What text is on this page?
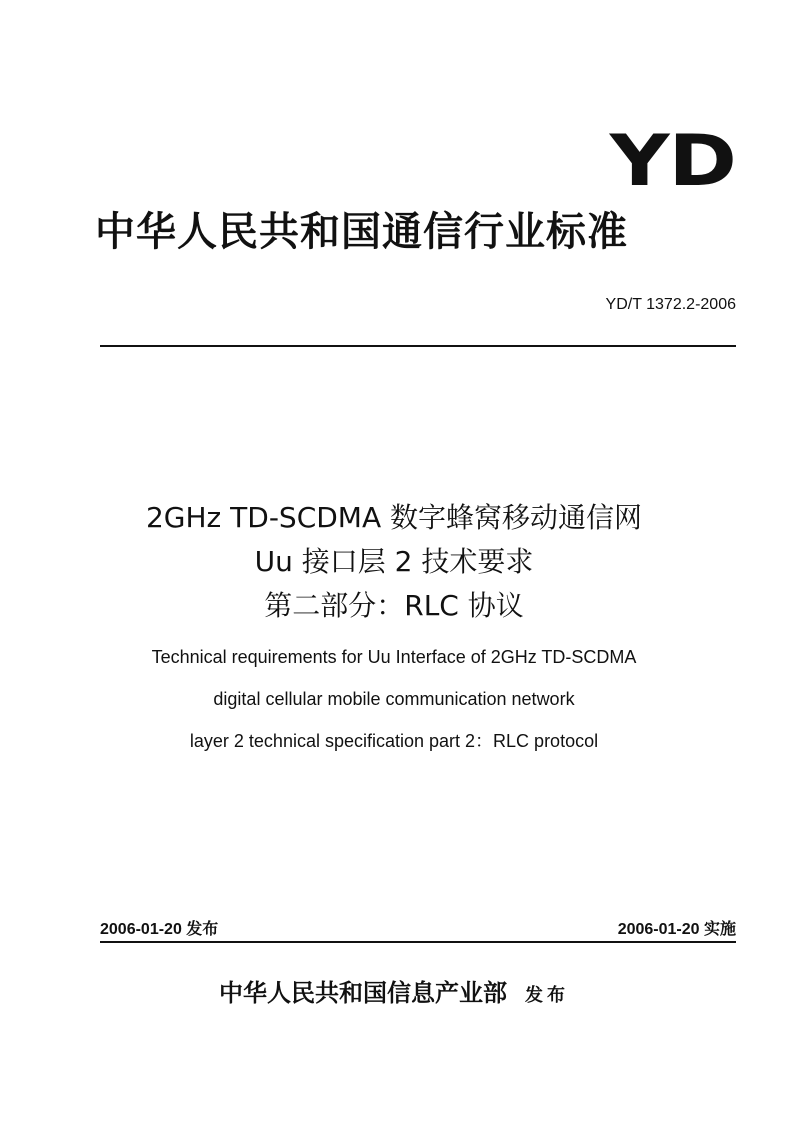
YD
中华人民共和国通信行业标准
YD/T 1372.2-2006

2GHz TD-SCDMA 数字蜂窝移动通信网

Uu 接口层 2 技术要求

第二部分：RLC 协议

Technical requirements for Uu Interface of 2GHz TD-SCDMA

digital cellular mobile communication network

layer 2 technical specification part 2：RLC protocol

2006-01-20 发布	2006-01-20 实施
中华人民共和国信息产业部 发布
